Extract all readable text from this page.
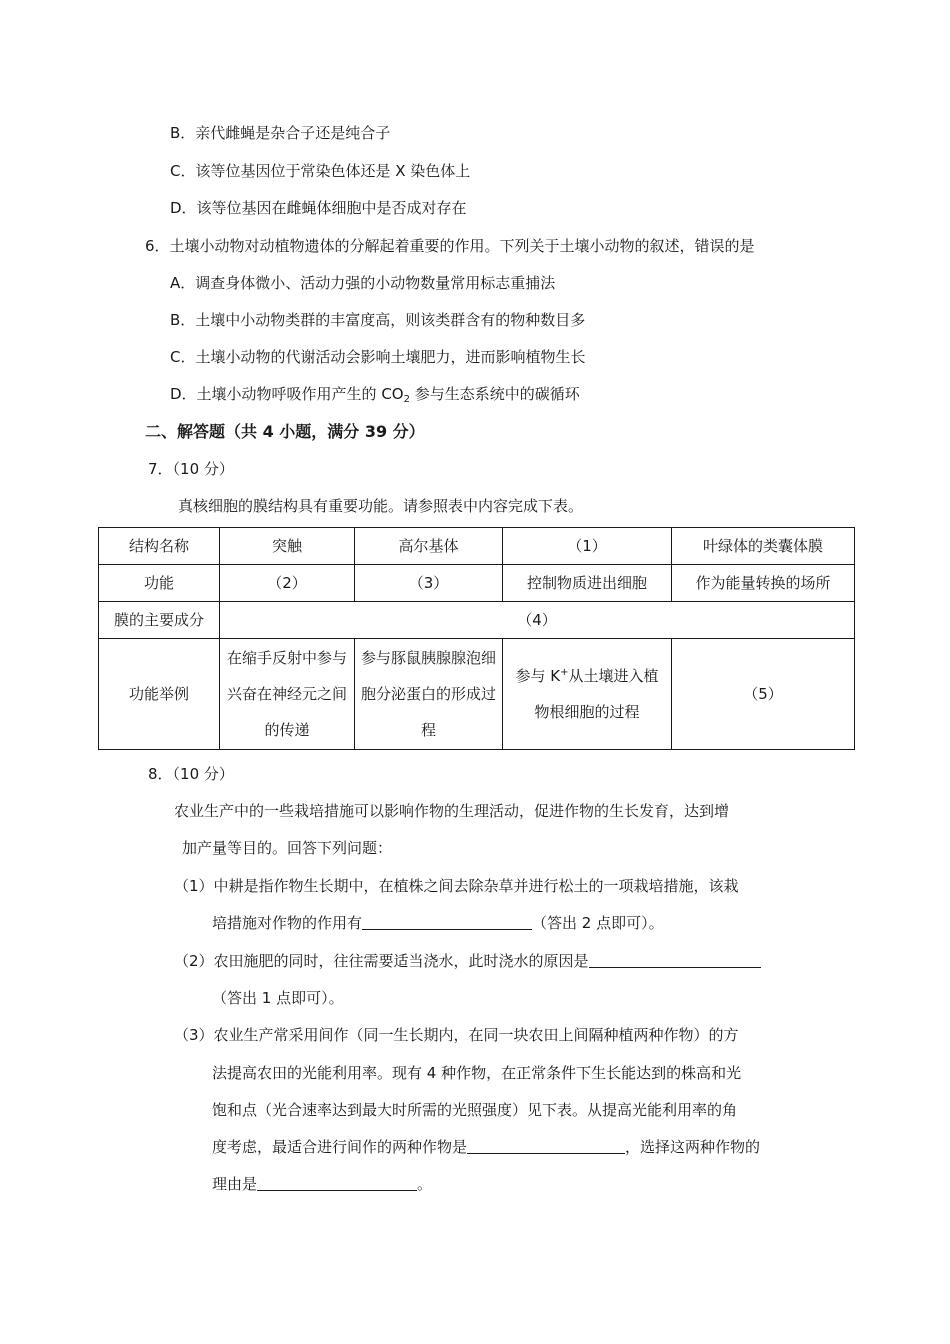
B．亲代雌蝇是杂合子还是纯合子
C．该等位基因位于常染色体还是 X 染色体上
D．该等位基因在雌蝇体细胞中是否成对存在
6．土壤小动物对动植物遗体的分解起着重要的作用。下列关于土壤小动物的叙述，错误的是
A．调查身体微小、活动力强的小动物数量常用标志重捕法
B．土壤中小动物类群的丰富度高，则该类群含有的物种数目多
C．土壤小动物的代谢活动会影响土壤肥力，进而影响植物生长
D．土壤小动物呼吸作用产生的 $CO_2$ 参与生态系统中的碳循环
二、解答题（共 4 小题，满分 39 分）
7．（10 分）
真核细胞的膜结构具有重要功能。请参照表中内容完成下表。
结构名称	突触	高尔基体	（1）	叶绿体的类囊体膜
功能	（2）	（3）	控制物质进出细胞	作为能量转换的场所
膜的主要成分	（4）			
功能举例	在缩手反射中参与兴奋在神经元之间的传递	参与豚鼠胰腺腺泡细胞分泌蛋白的形成过程	参与 K+从土壤进入植物根细胞的过程	（5）
8．（10 分）
农业生产中的一些栽培措施可以影响作物的生理活动，促进作物的生长发育，达到增
加产量等目的。回答下列问题：
（1）中耕是指作物生长期中，在植株之间去除杂草并进行松土的一项栽培措施，该栽
培措施对作物的作用有	（答出 2 点即可）。
（2）农田施肥的同时，往往需要适当浇水，此时浇水的原因是
（答出 1 点即可）。
（3）农业生产常采用间作（同一生长期内，在同一块农田上间隔种植两种作物）的方
法提高农田的光能利用率。现有 4 种作物，在正常条件下生长能达到的株高和光
饱和点（光合速率达到最大时所需的光照强度）见下表。从提高光能利用率的角
度考虑，最适合进行间作的两种作物是	，选择这两种作物的
理由是	。
